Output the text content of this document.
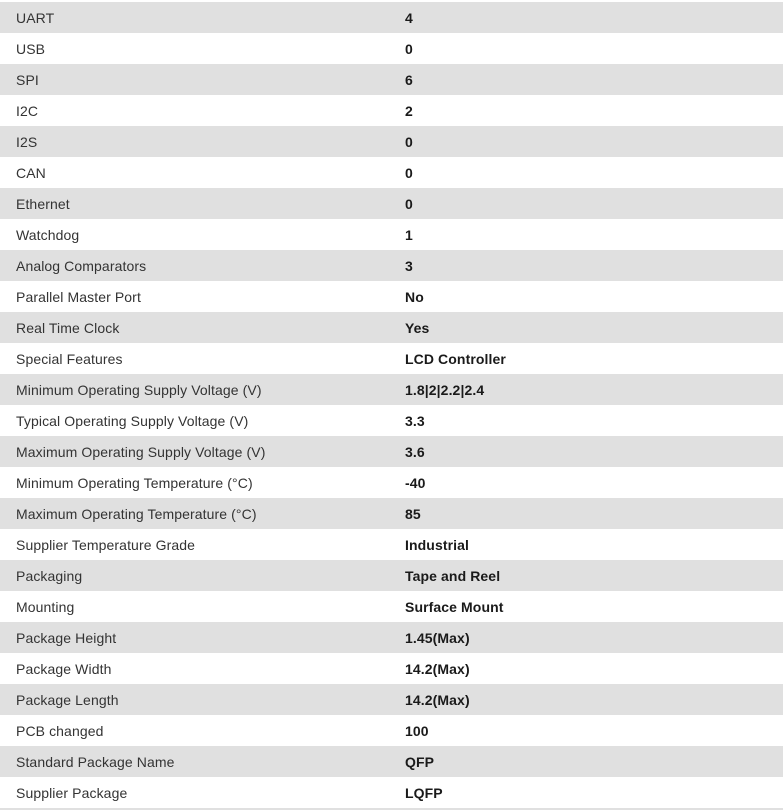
UART	4
USB	0
SPI	6
I2C	2
I2S	0
CAN	0
Ethernet	0
Watchdog	1
Analog Comparators	3
Parallel Master Port	No
Real Time Clock	Yes
Special Features	LCD Controller
Minimum Operating Supply Voltage (V)	1.8|2|2.2|2.4
Typical Operating Supply Voltage (V)	3.3
Maximum Operating Supply Voltage (V)	3.6
Minimum Operating Temperature (°C)	-40
Maximum Operating Temperature (°C)	85
Supplier Temperature Grade	Industrial
Packaging	Tape and Reel
Mounting	Surface Mount
Package Height	1.45(Max)
Package Width	14.2(Max)
Package Length	14.2(Max)
PCB changed	100
Standard Package Name	QFP
Supplier Package	LQFP
